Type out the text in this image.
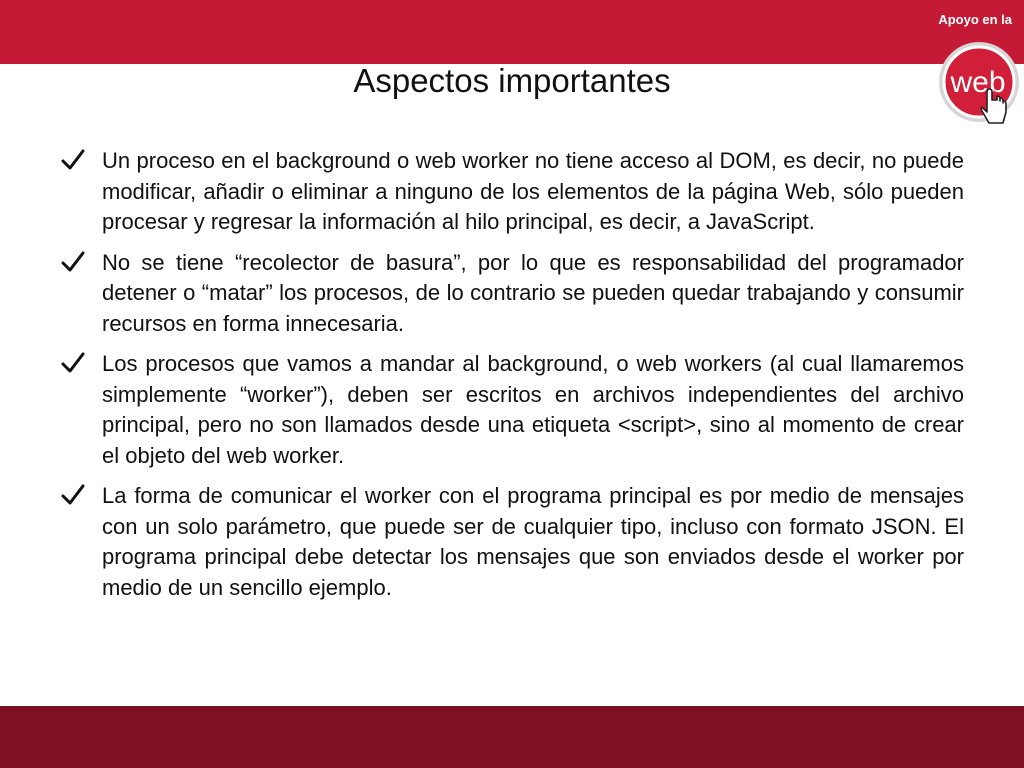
Apoyo en la
web
Aspectos importantes
Un proceso en el background o web worker no tiene acceso al DOM, es decir, no puede modificar, añadir o eliminar a ninguno de los elementos de la página Web, sólo pueden procesar y regresar la información al hilo principal, es decir, a JavaScript.
No se tiene “recolector de basura”, por lo que es responsabilidad del programador detener o “matar” los procesos, de lo contrario se pueden quedar trabajando y consumir recursos en forma innecesaria.
Los procesos que vamos a mandar al background, o web workers (al cual llamaremos simplemente “worker”), deben ser escritos en archivos independientes del archivo principal, pero no son llamados desde una etiqueta <script>, sino al momento de crear el objeto del web worker.
La forma de comunicar el worker con el programa principal es por medio de mensajes con un solo parámetro, que puede ser de cualquier tipo, incluso con formato JSON. El programa principal debe detectar los mensajes que son enviados desde el worker por medio de un sencillo ejemplo.
